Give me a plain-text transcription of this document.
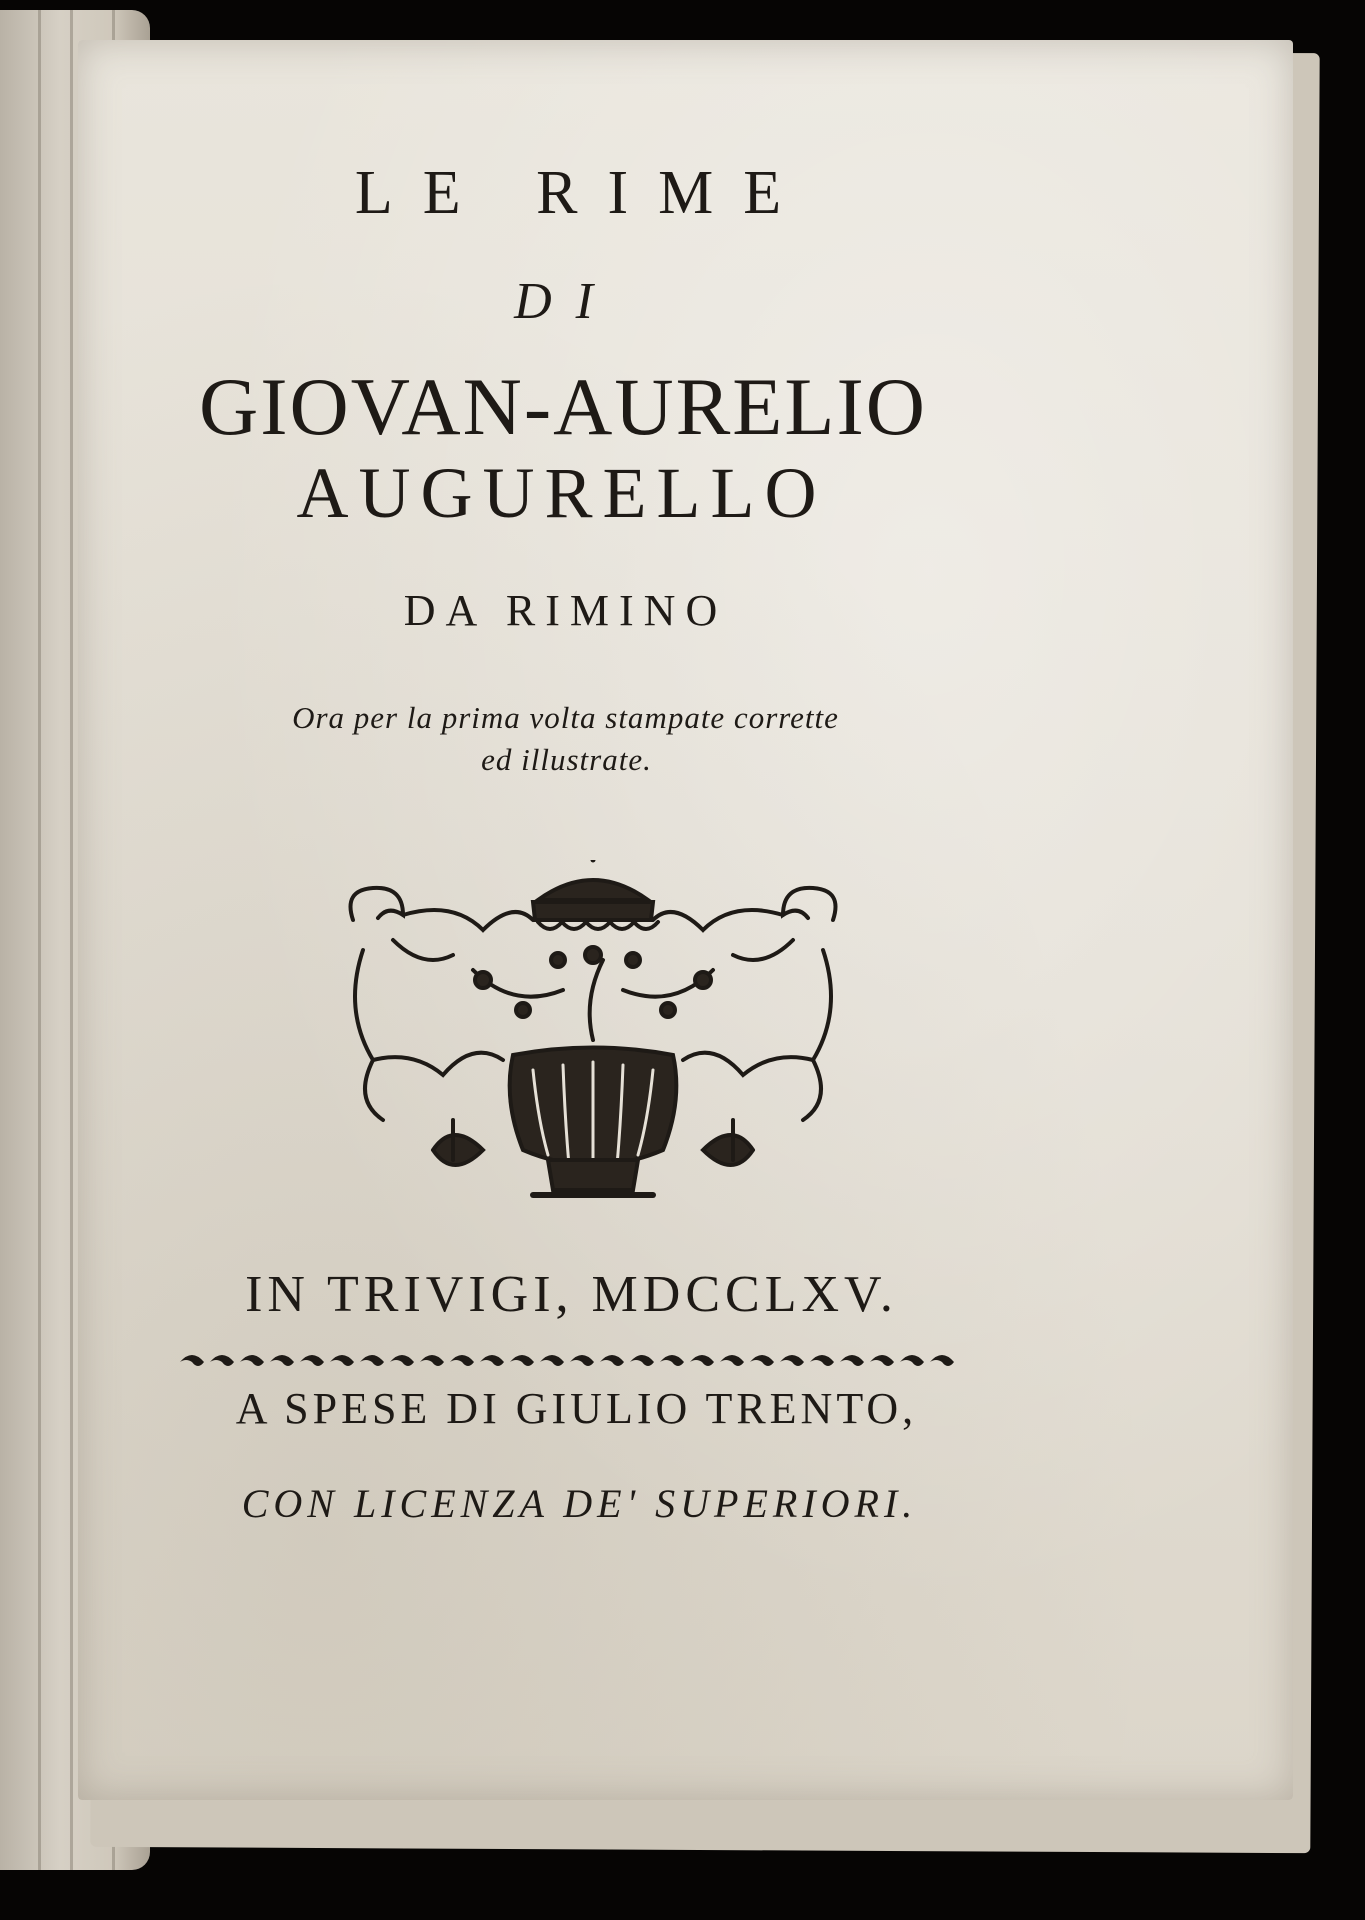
LE RIME
DI
GIOVAN-AURELIO
AUGURELLO
DA RIMINO
Ora per la prima volta stampate corrette
ed illustrate.
IN TRIVIGI, MDCCLXV.
A SPESE DI GIULIO TRENTO,
CON LICENZA DE' SUPERIORI.
